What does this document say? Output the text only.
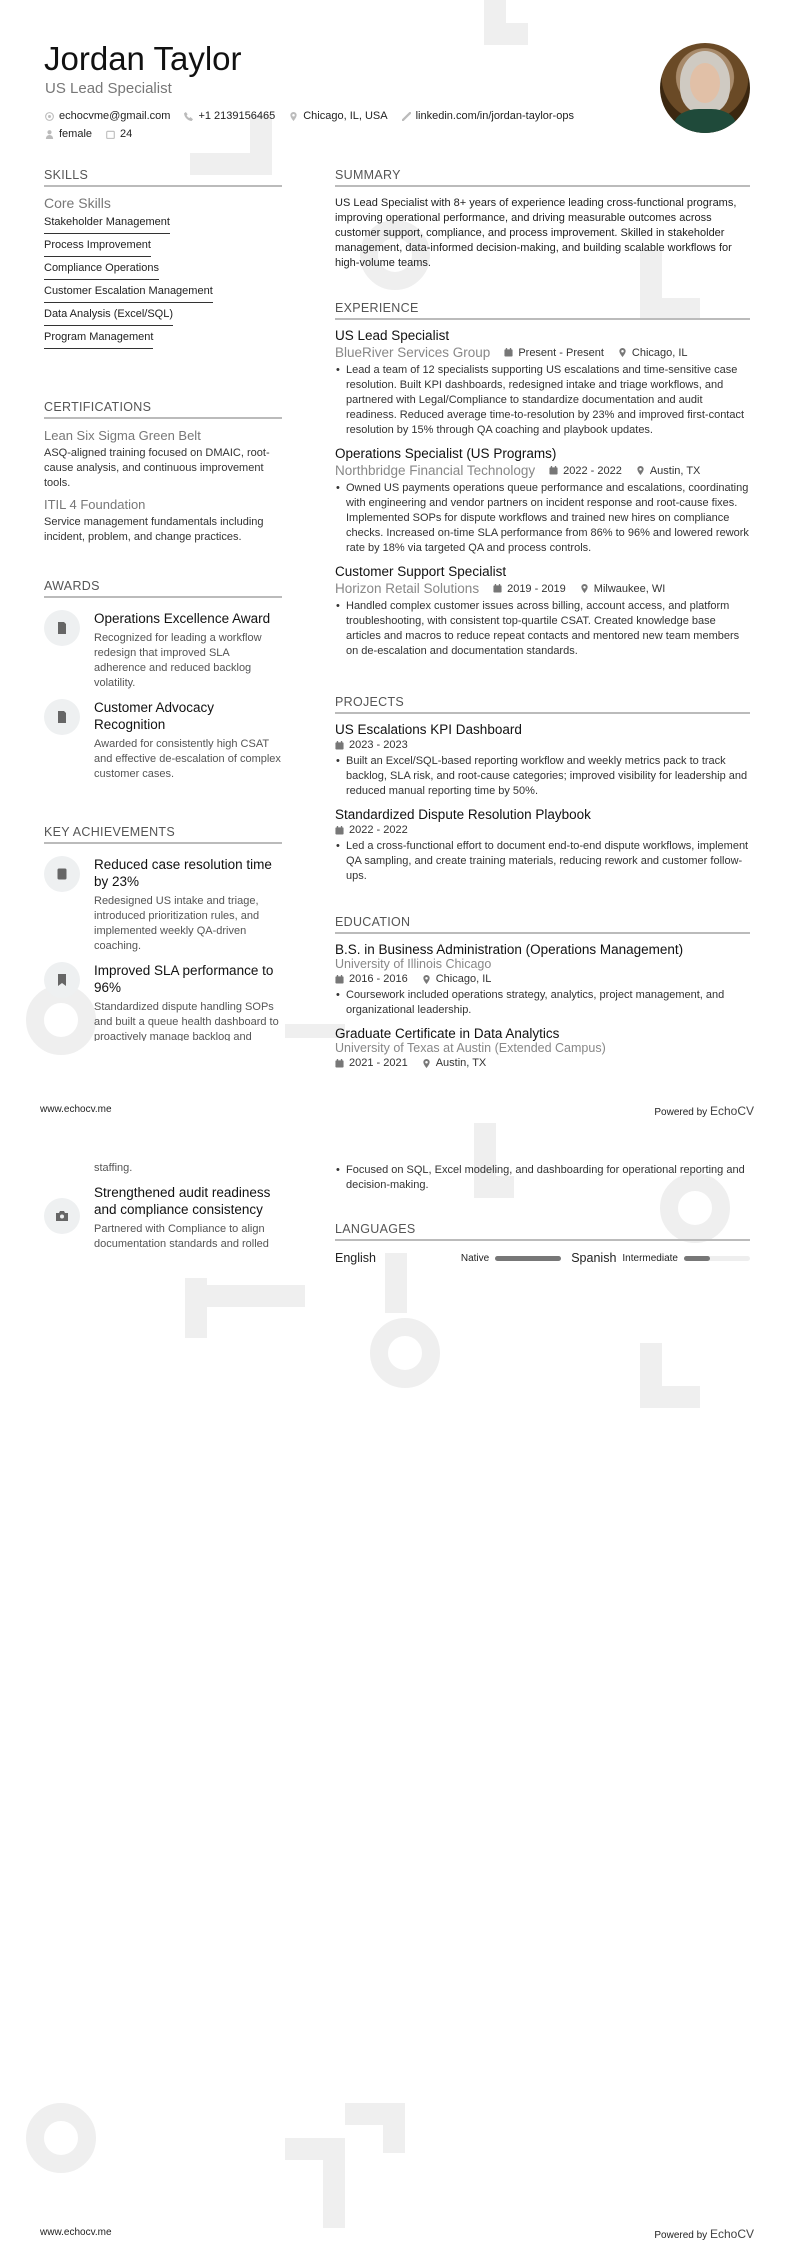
Jordan Taylor
US Lead Specialist
echocvme@gmail.com	+1 2139156465	Chicago, IL, USA	linkedin.com/in/jordan-taylor-ops
female	24
SKILLS
Core Skills
Stakeholder Management
Process Improvement
Compliance Operations
Customer Escalation Management
Data Analysis (Excel/SQL)
Program Management
CERTIFICATIONS
Lean Six Sigma Green Belt
ASQ-aligned training focused on DMAIC, root-cause analysis, and continuous improvement tools.
ITIL 4 Foundation
Service management fundamentals including incident, problem, and change practices.
AWARDS
Operations Excellence Award
Recognized for leading a workflow redesign that improved SLA adherence and reduced backlog volatility.
Customer Advocacy Recognition
Awarded for consistently high CSAT and effective de-escalation of complex customer cases.
KEY ACHIEVEMENTS
Reduced case resolution time by 23%
Redesigned US intake and triage, introduced prioritization rules, and implemented weekly QA-driven coaching.
Improved SLA performance to 96%
Standardized dispute handling SOPs and built a queue health dashboard to proactively manage backlog and
SUMMARY
US Lead Specialist with 8+ years of experience leading cross-functional programs, improving operational performance, and driving measurable outcomes across customer support, compliance, and process improvement. Skilled in stakeholder management, data-informed decision-making, and building scalable workflows for high-volume teams.
EXPERIENCE
US Lead Specialist
BlueRiver Services Group	Present - Present	Chicago, IL
• Lead a team of 12 specialists supporting US escalations and time-sensitive case resolution. Built KPI dashboards, redesigned intake and triage workflows, and partnered with Legal/Compliance to standardize documentation and audit readiness. Reduced average time-to-resolution by 23% and improved first-contact resolution by 15% through QA coaching and playbook updates.
Operations Specialist (US Programs)
Northbridge Financial Technology	2022 - 2022	Austin, TX
• Owned US payments operations queue performance and escalations, coordinating with engineering and vendor partners on incident response and root-cause fixes. Implemented SOPs for dispute workflows and trained new hires on compliance checks. Increased on-time SLA performance from 86% to 96% and lowered rework rate by 18% via targeted QA and process controls.
Customer Support Specialist
Horizon Retail Solutions	2019 - 2019	Milwaukee, WI
• Handled complex customer issues across billing, account access, and platform troubleshooting, with consistent top-quartile CSAT. Created knowledge base articles and macros to reduce repeat contacts and mentored new team members on de-escalation and documentation standards.
PROJECTS
US Escalations KPI Dashboard
2023 - 2023
• Built an Excel/SQL-based reporting workflow and weekly metrics pack to track backlog, SLA risk, and root-cause categories; improved visibility for leadership and reduced manual reporting time by 50%.
Standardized Dispute Resolution Playbook
2022 - 2022
• Led a cross-functional effort to document end-to-end dispute workflows, implement QA sampling, and create training materials, reducing rework and customer follow-ups.
EDUCATION
B.S. in Business Administration (Operations Management)
University of Illinois Chicago
2016 - 2016	Chicago, IL
• Coursework included operations strategy, analytics, project management, and organizational leadership.
Graduate Certificate in Data Analytics
University of Texas at Austin (Extended Campus)
2021 - 2021	Austin, TX
www.echocv.me	Powered by EchoCV
staffing.
Strengthened audit readiness and compliance consistency
Partnered with Compliance to align documentation standards and rolled
• Focused on SQL, Excel modeling, and dashboarding for operational reporting and decision-making.
LANGUAGES
English	Native	Spanish Intermediate
www.echocv.me	Powered by EchoCV
